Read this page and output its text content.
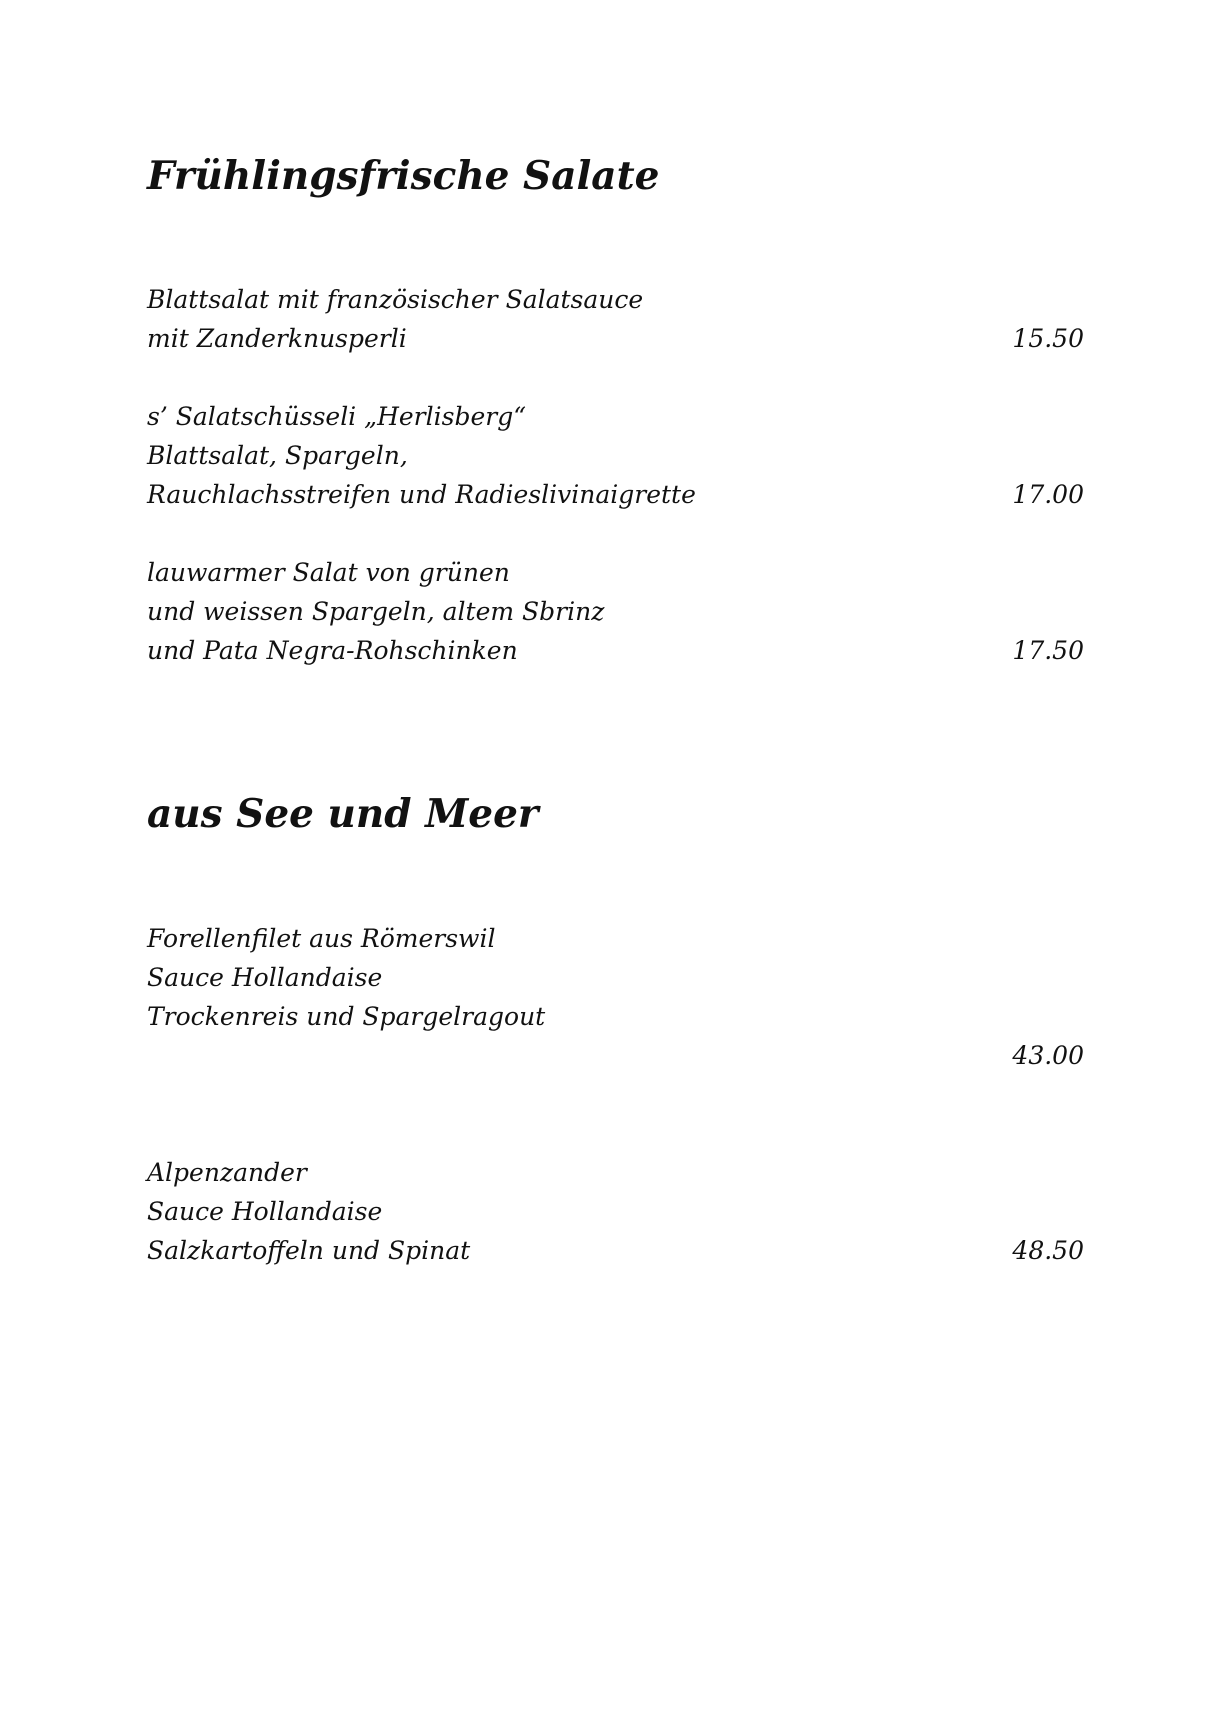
Frühlingsfrische Salate
Blattsalat mit französischer Salatsauce
mit Zanderknusperli	15.50
s’ Salatschüsseli „Herlisberg“
Blattsalat, Spargeln,
Rauchlachsstreifen und Radieslivinaigrette	17.00
lauwarmer Salat von grünen
und weissen Spargeln, altem Sbrinz
und Pata Negra-Rohschinken	17.50
aus See und Meer
Forellenfilet aus Römerswil
Sauce Hollandaise
Trockenreis und Spargelragout
43.00
Alpenzander
Sauce Hollandaise
Salzkartoffeln und Spinat	48.50
